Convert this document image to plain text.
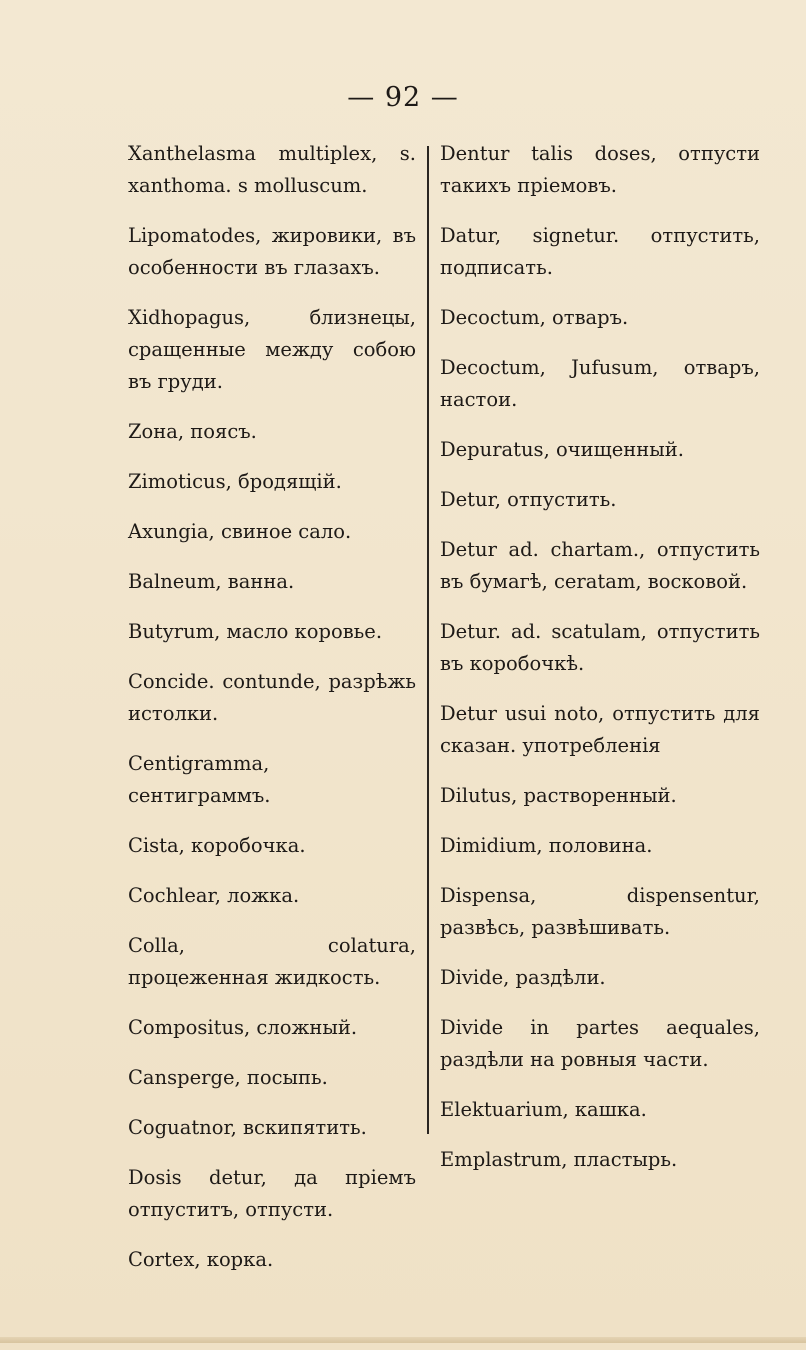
— 92 —
Xanthelasma multiplex, s. xanthoma. s molluscum.
Lipomatodes, жировики, въ особенности въ глазахъ.
Xidhopagus, близнецы, сращенные между собою въ груди.
Zона, поясъ.
Zimoticus, бродящій.
Axungia, свиное сало.
Balneum, ванна.
Butyrum, масло коровье.
Concide. contunde, разрѣжь истолки.
Centigramma, сентиграммъ.
Cista, коробочка.
Cochlear, ложка.
Colla, colatura, процеженная жидкость.
Compositus, сложный.
Cansperge, посыпь.
Coguatnor, вскипятить.
Dosis detur, да пріемъ отпуститъ, отпусти.
Cortex, корка.
Dentur talis doses, отпусти такихъ пріемовъ.
Datur, signetur. отпустить, подписать.
Decoctum, отваръ.
Decoctum, Jufusum, отваръ, настои.
Depuratus, очищенный.
Detur, отпустить.
Detur ad. chartam., отпустить въ бумагѣ, ceratam, восковой.
Detur. ad. scatulam, отпустить въ коробочкѣ.
Detur usui noto, отпустить для сказан. употребленія
Dilutus, растворенный.
Dimidium, половина.
Dispensa, dispensentur, развѣсь, развѣшивать.
Divide, раздѣли.
Divide in partes aequales, раздѣли на ровныя части.
Elektuarium, кашка.
Emplastrum, пластырь.
